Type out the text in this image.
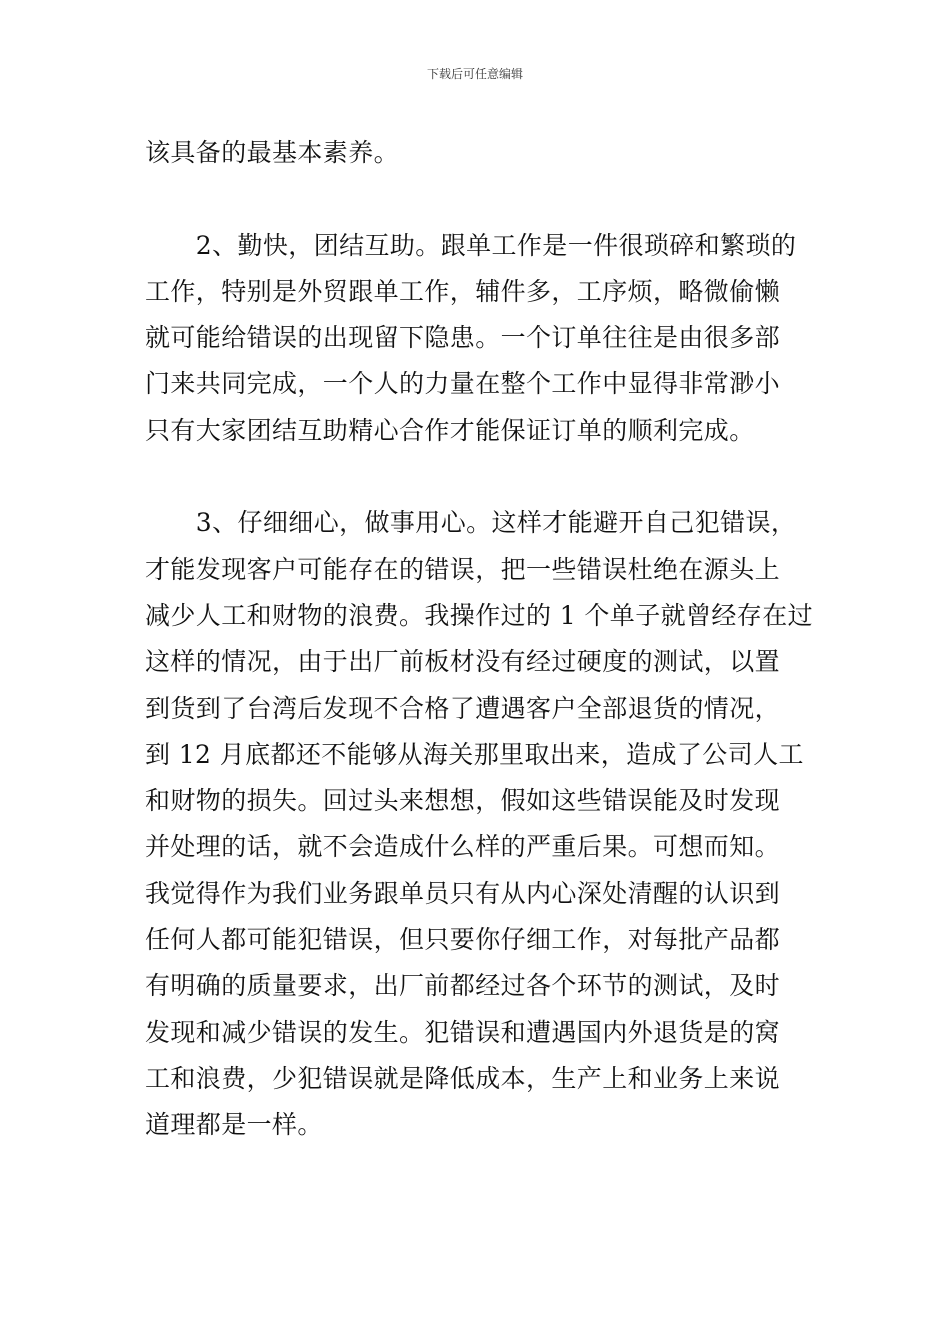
下载后可任意编辑
该具备的最基本素养。
　　2、勤快，团结互助。跟单工作是一件很琐碎和繁琐的
工作，特别是外贸跟单工作，辅件多，工序烦，略微偷懒
就可能给错误的出现留下隐患。一个订单往往是由很多部
门来共同完成，一个人的力量在整个工作中显得非常渺小
只有大家团结互助精心合作才能保证订单的顺利完成。
　　3、仔细细心，做事用心。这样才能避开自己犯错误，
才能发现客户可能存在的错误，把一些错误杜绝在源头上
减少人工和财物的浪费。我操作过的 1 个单子就曾经存在过
这样的情况，由于出厂前板材没有经过硬度的测试，以置
到货到了台湾后发现不合格了遭遇客户全部退货的情况，
到 12 月底都还不能够从海关那里取出来，造成了公司人工
和财物的损失。回过头来想想，假如这些错误能及时发现
并处理的话，就不会造成什么样的严重后果。可想而知。
我觉得作为我们业务跟单员只有从内心深处清醒的认识到
任何人都可能犯错误，但只要你仔细工作，对每批产品都
有明确的质量要求，出厂前都经过各个环节的测试，及时
发现和减少错误的发生。犯错误和遭遇国内外退货是的窝
工和浪费，少犯错误就是降低成本，生产上和业务上来说
道理都是一样。
